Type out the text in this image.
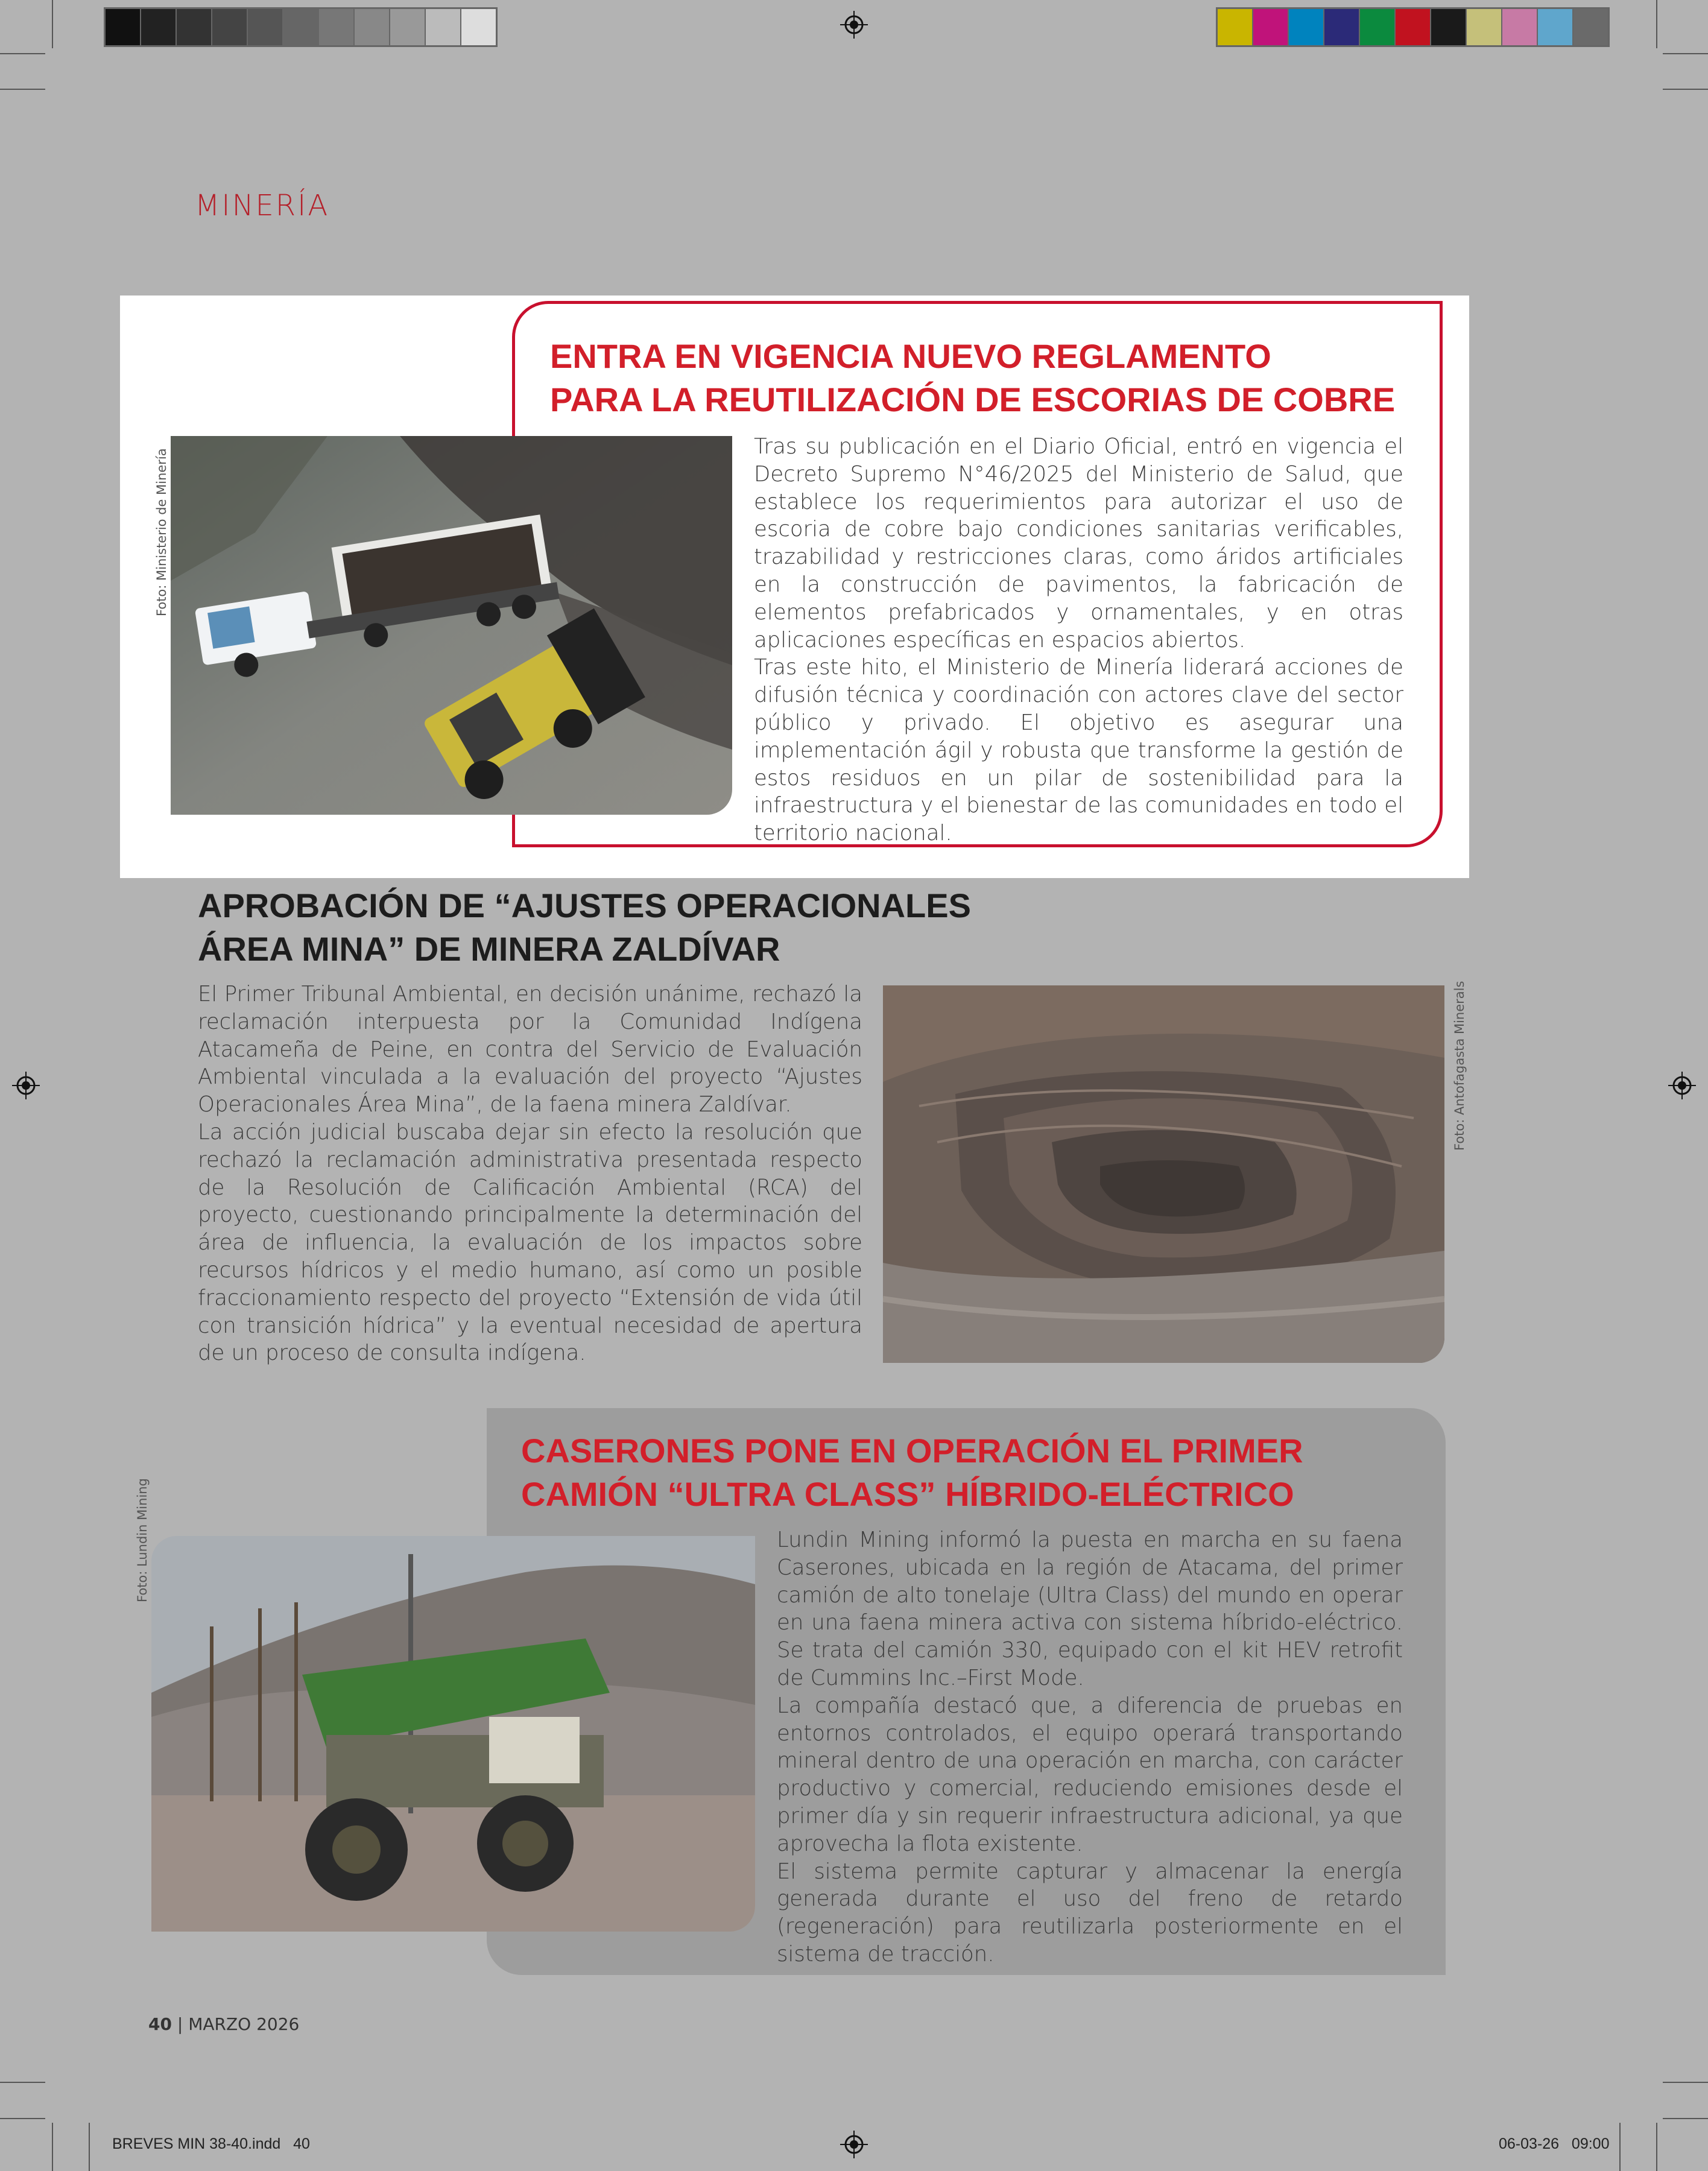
MINERÍA
ENTRA EN VIGENCIA NUEVO REGLAMENTO
PARA LA REUTILIZACIÓN DE ESCORIAS DE COBRE
Foto: Ministerio de Minería

Tras su publicación en el Diario Oficial, entró en vigencia el Decreto Supremo N°46/2025 del Ministerio de Salud, que establece los requerimientos para autorizar el uso de escoria de cobre bajo condiciones sanitarias verificables, trazabilidad y restricciones claras, como áridos artificiales en la construcción de pavimentos, la fabricación de elementos prefabricados y ornamentales, y en otras aplicaciones específicas en espacios abiertos.

Tras este hito, el Ministerio de Minería liderará acciones de difusión técnica y coordinación con actores clave del sector público y privado. El objetivo es asegurar una implementación ágil y robusta que transforme la gestión de estos residuos en un pilar de sostenibilidad para la infraestructura y el bienestar de las comunidades en todo el territorio nacional.

APROBACIÓN DE “AJUSTES OPERACIONALES
ÁREA MINA” DE MINERA ZALDÍVAR

El Primer Tribunal Ambiental, en decisión unánime, rechazó la reclamación interpuesta por la Comunidad Indígena Atacameña de Peine, en contra del Servicio de Evaluación Ambiental vinculada a la evaluación del proyecto “Ajustes Operacionales Área Mina”, de la faena minera Zaldívar.

La acción judicial buscaba dejar sin efecto la resolución que rechazó la reclamación administrativa presentada respecto de la Resolución de Calificación Ambiental (RCA) del proyecto, cuestionando principalmente la determinación del área de influencia, la evaluación de los impactos sobre recursos hídricos y el medio humano, así como un posible fraccionamiento respecto del proyecto “Extensión de vida útil con transición hídrica” y la eventual necesidad de apertura de un proceso de consulta indígena.

Foto: Antofagasta Minerals
CASERONES PONE EN OPERACIÓN EL PRIMER
CAMIÓN “ULTRA CLASS” HÍBRIDO-ELÉCTRICO
Foto: Lundin Mining	Lundin Mining informó la puesta en marcha en su faena Caserones, ubicada en la región de Atacama, del primer camión de alto tonelaje (Ultra Class) del mundo en operar en una faena minera activa con sistema híbrido-eléctrico. Se trata del camión 330, equipado con el kit HEV retrofit de Cummins Inc.–First Mode.

La compañía destacó que, a diferencia de pruebas en entornos controlados, el equipo operará transportando mineral dentro de una operación en marcha, con carácter productivo y comercial, reduciendo emisiones desde el primer día y sin requerir infraestructura adicional, ya que aprovecha la flota existente.

El sistema permite capturar y almacenar la energía generada durante el uso del freno de retardo (regeneración) para reutilizarla posteriormente en el sistema de tracción.

40 | MARZO 2026
BREVES MIN 38-40.indd   40	06-03-26   09:00
